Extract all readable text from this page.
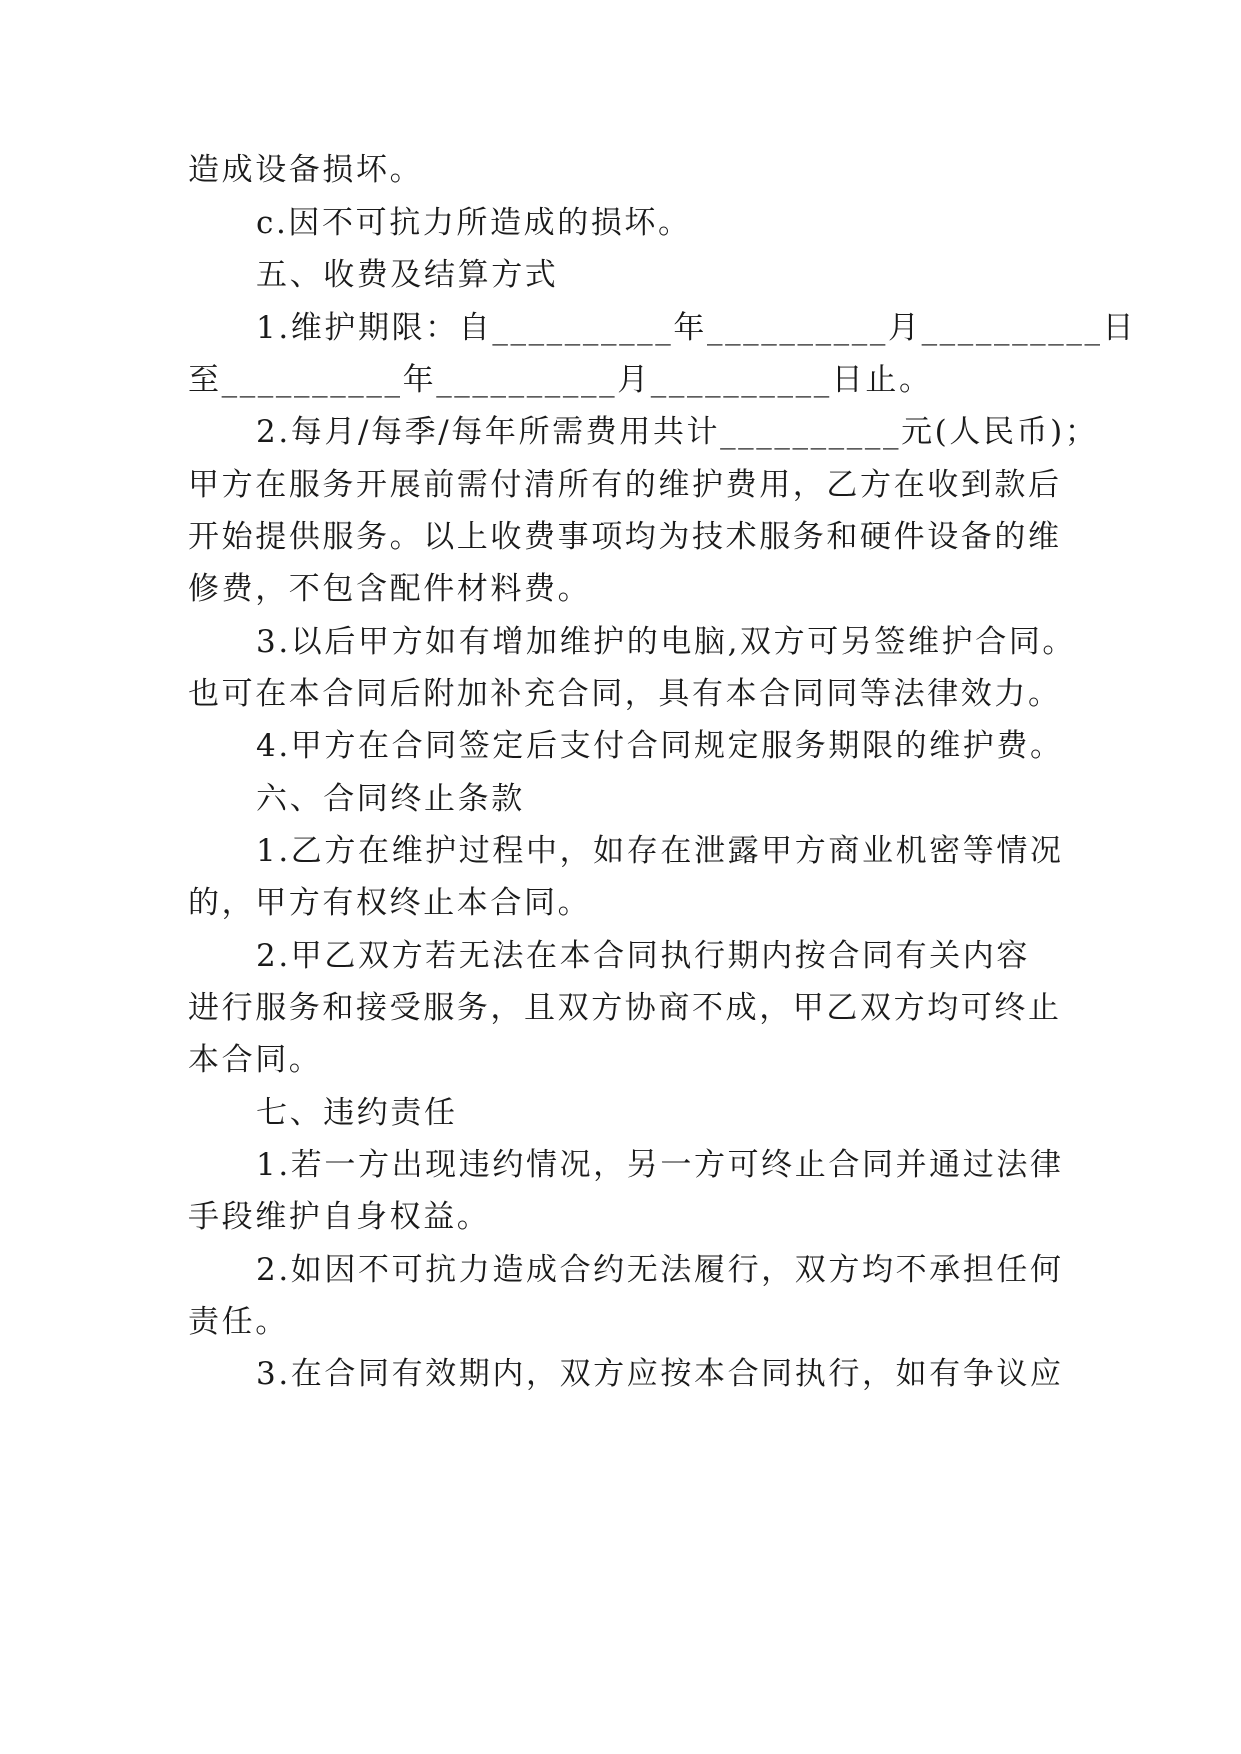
造成设备损坏。
c.因不可抗力所造成的损坏。
五、收费及结算方式
1.维护期限：自__________年__________月__________日
至__________年__________月__________日止。
2.每月/每季/每年所需费用共计__________元(人民币)；
甲方在服务开展前需付清所有的维护费用，乙方在收到款后
开始提供服务。以上收费事项均为技术服务和硬件设备的维
修费，不包含配件材料费。
3.以后甲方如有增加维护的电脑,双方可另签维护合同。
也可在本合同后附加补充合同，具有本合同同等法律效力。
4.甲方在合同签定后支付合同规定服务期限的维护费。
六、合同终止条款
1.乙方在维护过程中，如存在泄露甲方商业机密等情况
的，甲方有权终止本合同。
2.甲乙双方若无法在本合同执行期内按合同有关内容
进行服务和接受服务，且双方协商不成，甲乙双方均可终止
本合同。
七、违约责任
1.若一方出现违约情况，另一方可终止合同并通过法律
手段维护自身权益。
2.如因不可抗力造成合约无法履行，双方均不承担任何
责任。
3.在合同有效期内，双方应按本合同执行，如有争议应
